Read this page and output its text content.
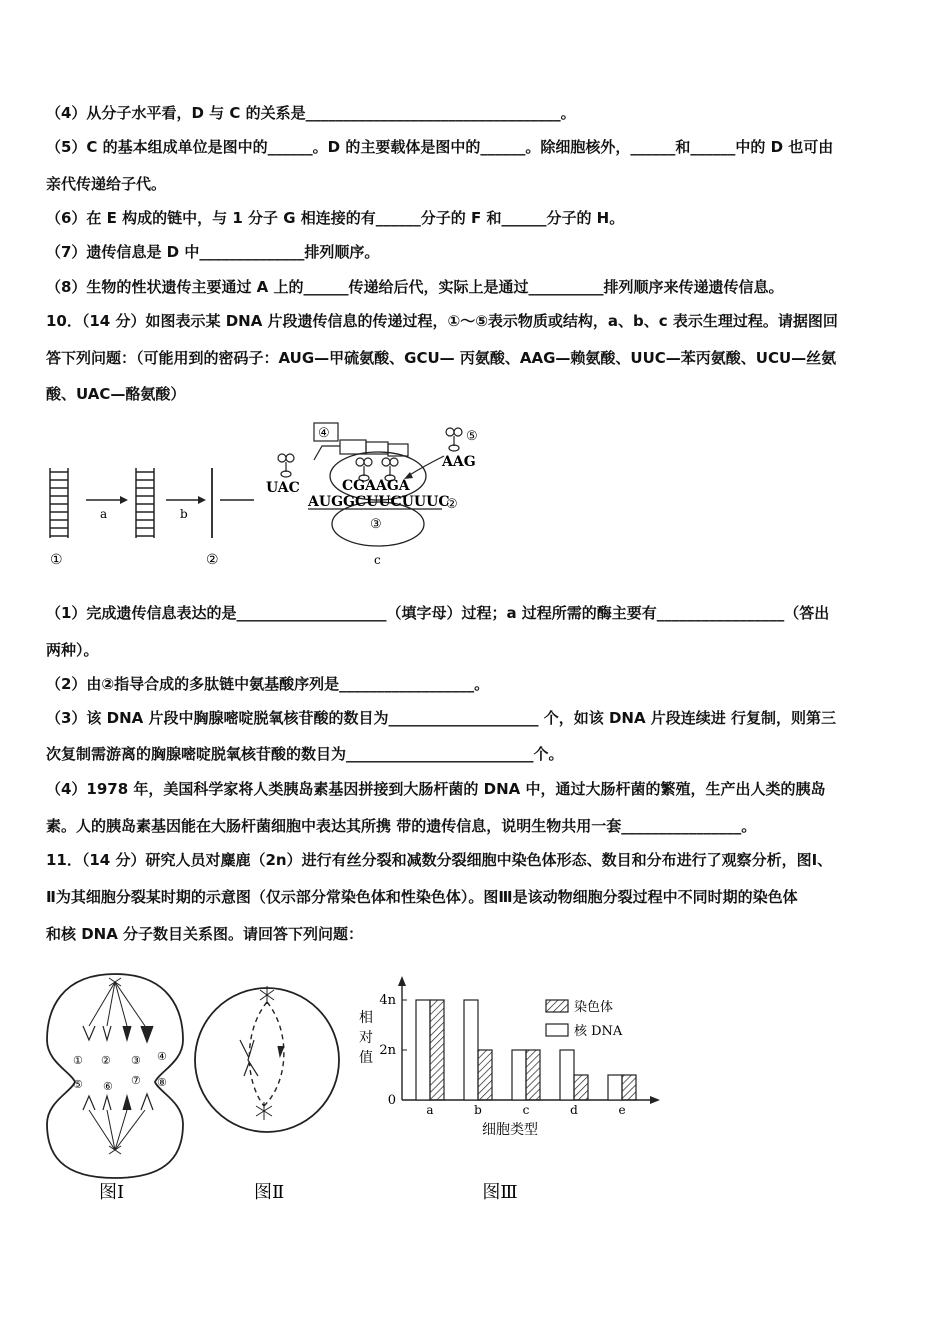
（4）从分子水平看，D 与 C 的关系是__________________________________。
（5）C 的基本组成单位是图中的______。D 的主要载体是图中的______。除细胞核外，______和______中的 D 也可由
亲代传递给子代。
（6）在 E 构成的链中，与 1 分子 G 相连接的有______分子的 F 和______分子的 H。
（7）遗传信息是 D 中______________排列顺序。
（8）生物的性状遗传主要通过 A 上的______传递给后代，实际上是通过__________排列顺序来传递遗传信息。
10．（14 分）如图表示某 DNA 片段遗传信息的传递过程，①～⑤表示物质或结构，a、b、c 表示生理过程。请据图回
答下列问题：（可能用到的密码子：AUG—甲硫氨酸、GCU— 丙氨酸、AAG—赖氨酸、UUC—苯丙氨酸、UCU—丝氨
酸、UAC—酪氨酸）
①
a	b
②
④	⑤
UAC
AAG
CGAAGA
AUGGCUUCUUUC
②
③
c
（1）完成遗传信息表达的是____________________（填字母）过程；a 过程所需的酶主要有_________________（答出
两种）。
（2）由②指导合成的多肽链中氨基酸序列是__________________。
（3）该 DNA 片段中胸腺嘧啶脱氧核苷酸的数目为____________________ 个，如该 DNA 片段连续进 行复制，则第三
次复制需游离的胸腺嘧啶脱氧核苷酸的数目为_________________________个。
（4）1978 年，美国科学家将人类胰岛素基因拼接到大肠杆菌的 DNA 中，通过大肠杆菌的繁殖，生产出人类的胰岛
素。人的胰岛素基因能在大肠杆菌细胞中表达其所携 带的遗传信息，说明生物共用一套________________。
11．（14 分）研究人员对麋鹿（2n）进行有丝分裂和减数分裂细胞中染色体形态、数目和分布进行了观察分析，图Ⅰ、
Ⅱ为其细胞分裂某时期的示意图（仅示部分常染色体和性染色体）。图Ⅲ是该动物细胞分裂过程中不同时期的染色体
和核 DNA 分子数目关系图。请回答下列问题：
① ② ③ ④
⑤ ⑥ ⑦ ⑧
图Ⅰ	图Ⅱ
0
2n
4n
相
对
值
a	b	c	d	e
细胞类型
染色体
核 DNA
图Ⅲ
